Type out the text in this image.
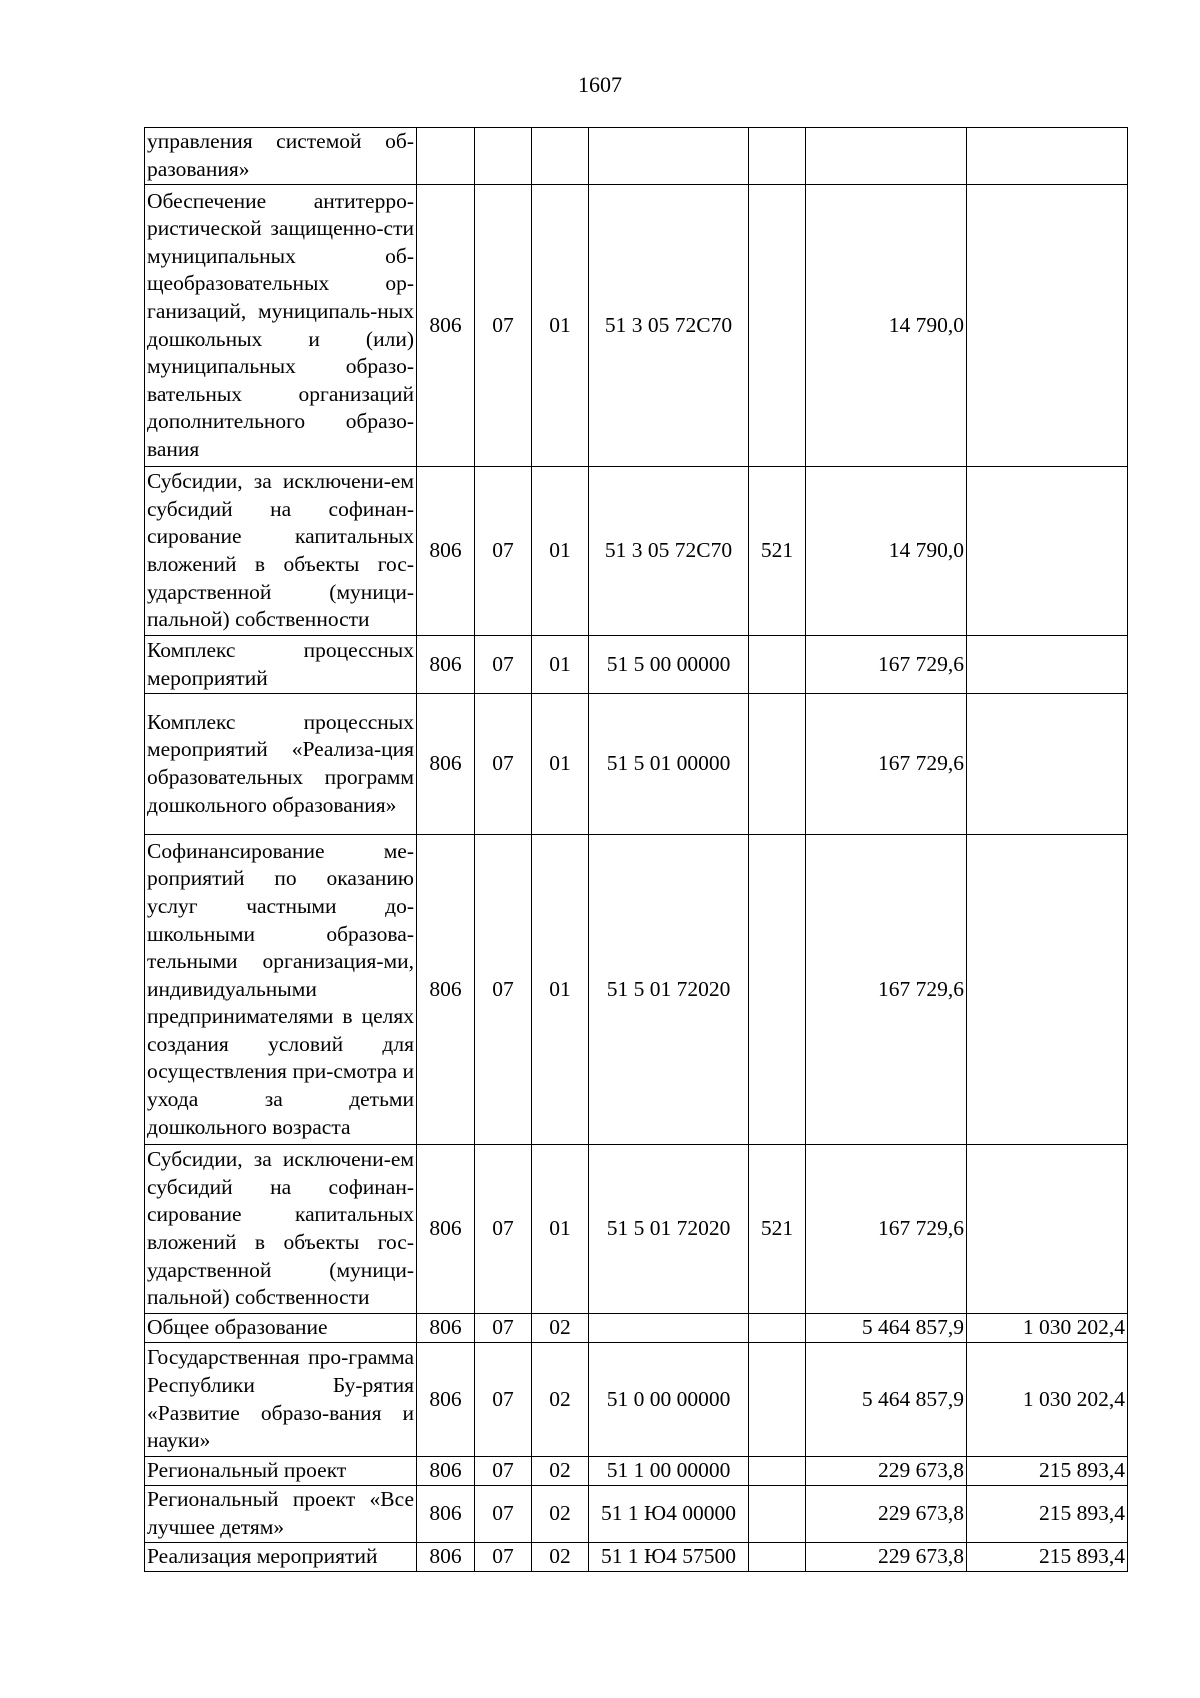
1607
управления системой об-разования»							
Обеспечение антитерро-ристической защищенно-сти муниципальных об-щеобразовательных ор-ганизаций, муниципаль-ных дошкольных и (или) муниципальных образо-вательных организаций дополнительного образо-вания	806	07	01	51 3 05 72С70		14 790,0	
Субсидии, за исключени-ем субсидий на софинан-сирование капитальных вложений в объекты гос-ударственной (муници-пальной) собственности	806	07	01	51 3 05 72С70	521	14 790,0	
Комплекс процессных мероприятий	806	07	01	51 5 00 00000		167 729,6	
Комплекс процессных мероприятий «Реализа-ция образовательных программ дошкольного образования»	806	07	01	51 5 01 00000		167 729,6	
Софинансирование ме-роприятий по оказанию услуг частными до-школьными образова-тельными организация-ми, индивидуальными предпринимателями в целях создания условий для осуществления при-смотра и ухода за детьми дошкольного возраста	806	07	01	51 5 01 72020		167 729,6	
Субсидии, за исключени-ем субсидий на софинан-сирование капитальных вложений в объекты гос-ударственной (муници-пальной) собственности	806	07	01	51 5 01 72020	521	167 729,6	
Общее образование	806	07	02			5 464 857,9	1 030 202,4
Государственная про-грамма Республики Бу-рятия «Развитие образо-вания и науки»	806	07	02	51 0 00 00000		5 464 857,9	1 030 202,4
Региональный проект	806	07	02	51 1 00 00000		229 673,8	215 893,4
Региональный проект «Все лучшее детям»	806	07	02	51 1 Ю4 00000		229 673,8	215 893,4
Реализация мероприятий	806	07	02	51 1 Ю4 57500		229 673,8	215 893,4
